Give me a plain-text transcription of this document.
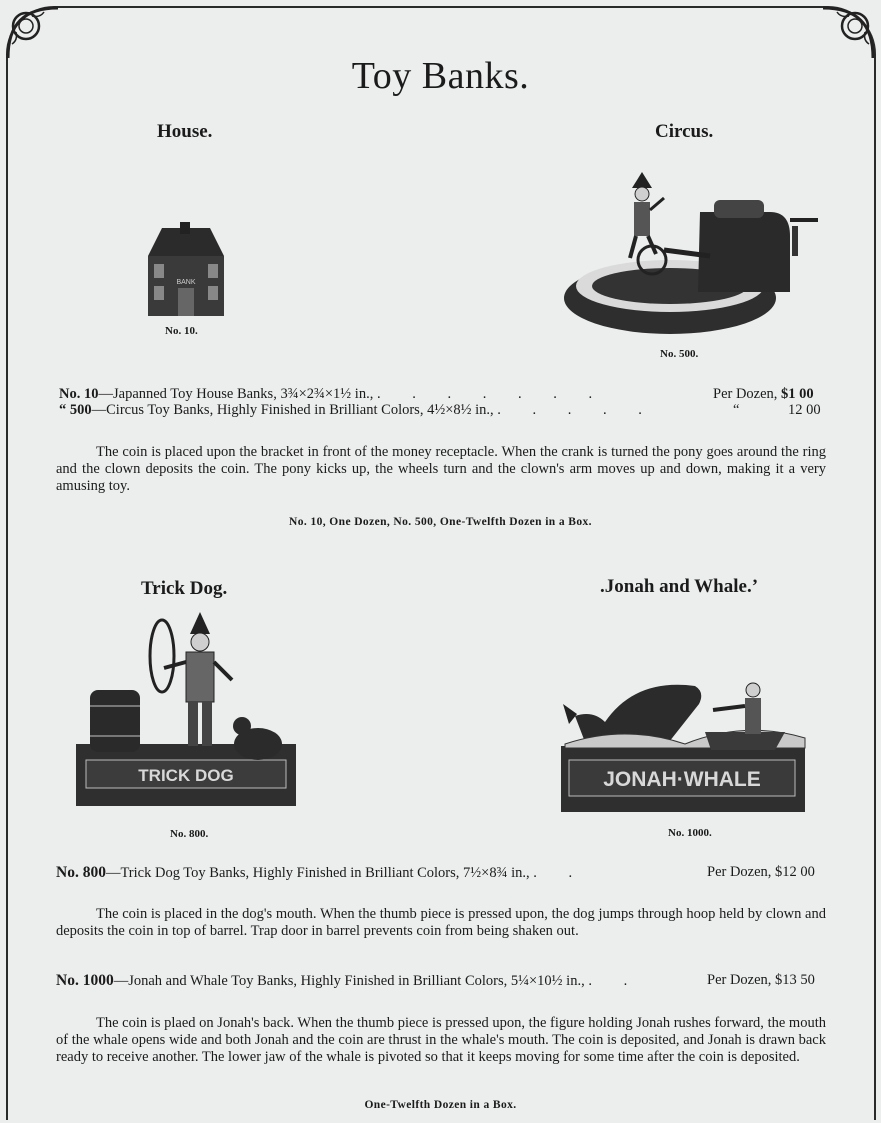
Toy Banks.
House.
BANK
No. 10.
Circus.
No. 500.
No. 10—Japanned Toy House Banks, 3¾×2¾×1½ in., . . . . . . .	Per Dozen, $1 00
“ 500—Circus Toy Banks, Highly Finished in Brilliant Colors, 4½×8½ in., . . . . .	“	12 00
The coin is placed upon the bracket in front of the money receptacle. When the crank is turned the pony goes around the ring and the clown deposits the coin. The pony kicks up, the wheels turn and the clown's arm moves up and down, making it a very amusing toy.
No. 10, One Dozen, No. 500, One-Twelfth Dozen in a Box.
Trick Dog.
TRICK DOG
No. 800.
.Jonah and Whale.’
JONAH·WHALE
No. 1000.
No. 800—Trick Dog Toy Banks, Highly Finished in Brilliant Colors, 7½×8¾ in., . .	Per Dozen, $12 00
The coin is placed in the dog's mouth. When the thumb piece is pressed upon, the dog jumps through hoop held by clown and deposits the coin in top of barrel. Trap door in barrel prevents coin from being shaken out.
No. 1000—Jonah and Whale Toy Banks, Highly Finished in Brilliant Colors, 5¼×10½ in., . .	Per Dozen, $13 50
The coin is plaed on Jonah's back. When the thumb piece is pressed upon, the figure holding Jonah rushes forward, the mouth of the whale opens wide and both Jonah and the coin are thrust in the whale's mouth. The coin is deposited, and Jonah is drawn back ready to receive another. The lower jaw of the whale is pivoted so that it keeps moving for some time after the coin is deposited.
One-Twelfth Dozen in a Box.
